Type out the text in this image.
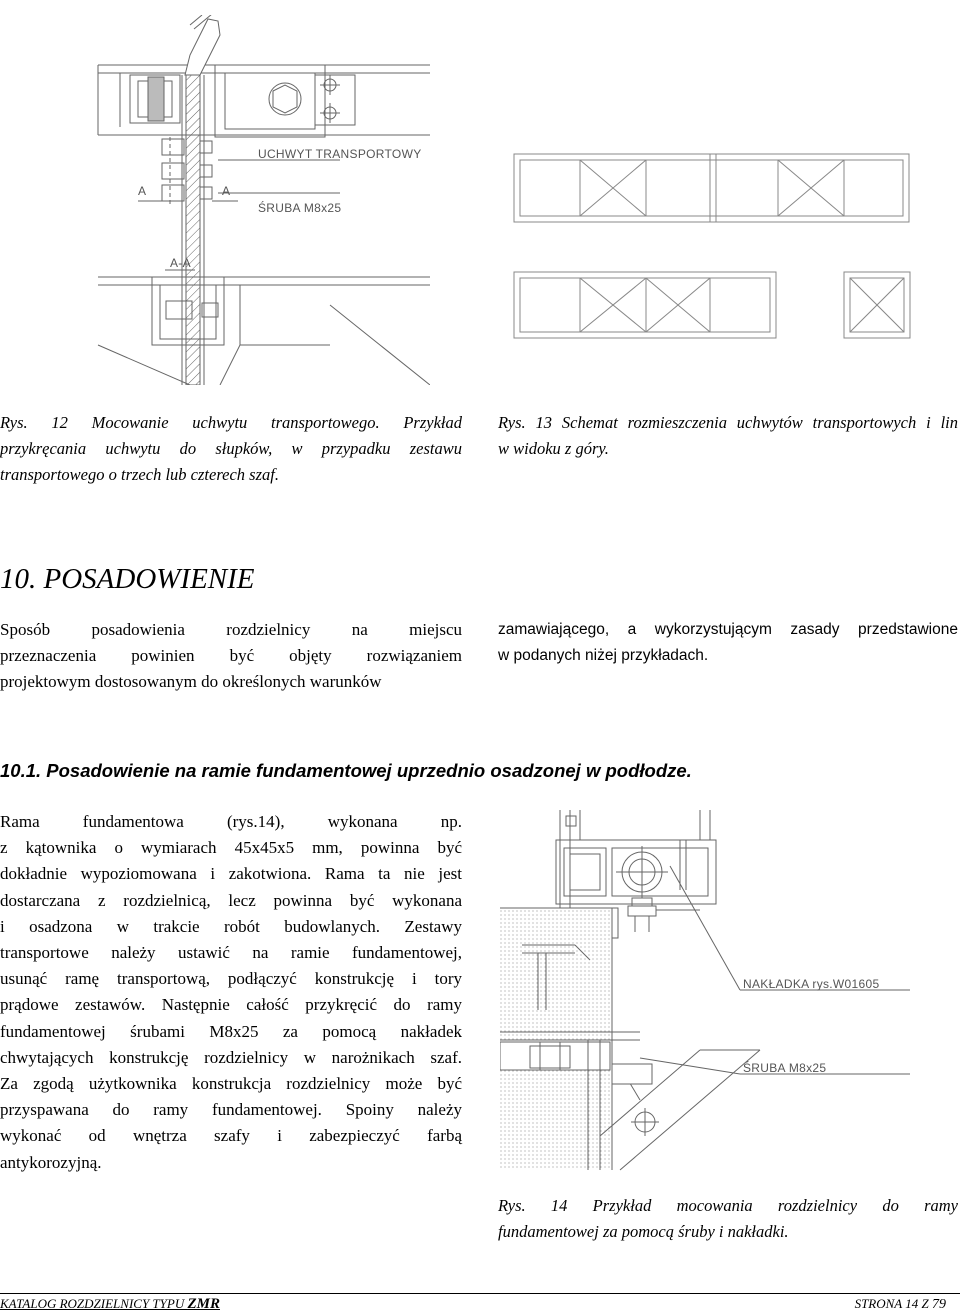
UCHWYT TRANSPORTOWY
ŚRUBA M8x25
A	A
A-A
Rys. 12 Mocowanie uchwytu transportowego. Przykład
przykręcania uchwytu do słupków, w przypadku zestawu
transportowego o trzech lub czterech szaf.
Rys. 13 Schemat rozmieszczenia uchwytów transportowych i lin
w widoku z góry.
10. POSADOWIENIE
Sposób posadowienia rozdzielnicy na miejscu
przeznaczenia powinien być objęty rozwiązaniem
projektowym dostosowanym do określonych warunków
zamawiającego, a wykorzystującym zasady przedstawione
w podanych niżej przykładach.
10.1. Posadowienie na ramie fundamentowej uprzednio osadzonej w podłodze.
Rama fundamentowa (rys.14), wykonana np.
z kątownika o wymiarach 45x45x5 mm, powinna być
dokładnie wypoziomowana i zakotwiona. Rama ta nie jest
dostarczana z rozdzielnicą, lecz powinna być wykonana
i osadzona w trakcie robót budowlanych. Zestawy
transportowe należy ustawić na ramie fundamentowej,
usunąć ramę transportową, podłączyć konstrukcję i tory
prądowe zestawów. Następnie całość przykręcić do ramy
fundamentowej śrubami M8x25 za pomocą nakładek
chwytających konstrukcję rozdzielnicy w narożnikach szaf.
Za zgodą użytkownika konstrukcja rozdzielnicy może być
przyspawana do ramy fundamentowej. Spoiny należy
wykonać od wnętrza szafy i zabezpieczyć farbą
antykorozyjną.
NAKŁADKA rys.W01605
ŚRUBA M8x25
Rys. 14 Przykład mocowania rozdzielnicy do ramy
fundamentowej za pomocą śruby i nakładki.
KATALOG ROZDZIELNICY TYPU ZMR	STRONA 14 Z 79
